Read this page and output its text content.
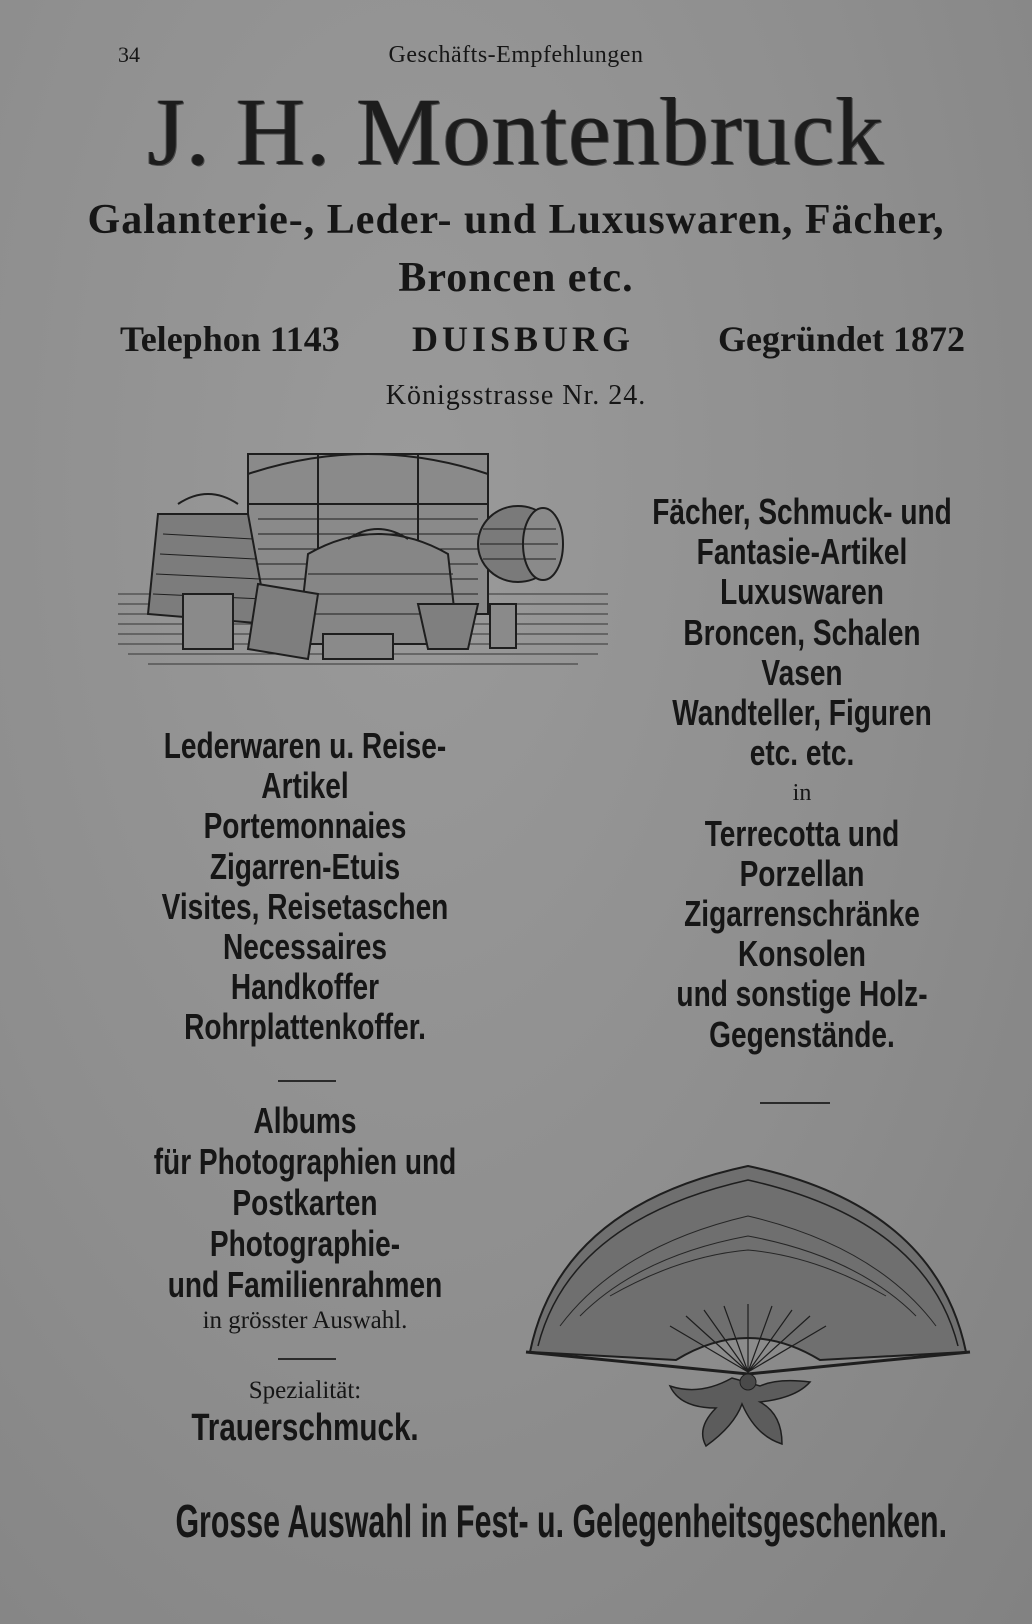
34	Geschäfts-Empfehlungen
J. H. Montenbruck
Galanterie-, Leder- und Luxuswaren, Fächer,
Broncen etc.
Telephon 1143 DUISBURG Gegründet 1872
Königsstrasse Nr. 24.
Fächer, Schmuck- und
Fantasie-Artikel
Luxuswaren
Broncen, Schalen
Vasen
Wandteller, Figuren
etc. etc.
in
Terrecotta und
Porzellan
Zigarrenschränke
Konsolen
und sonstige Holz-
Gegenstände.
Lederwaren u. Reise-
Artikel
Portemonnaies
Zigarren-Etuis
Visites, Reisetaschen
Necessaires
Handkoffer
Rohrplattenkoffer.
Albums
für Photographien und
Postkarten
Photographie-
und Familienrahmen
in grösster Auswahl.
Spezialität:
Trauerschmuck.
Grosse Auswahl in Fest- u. Gelegenheitsgeschenken.
